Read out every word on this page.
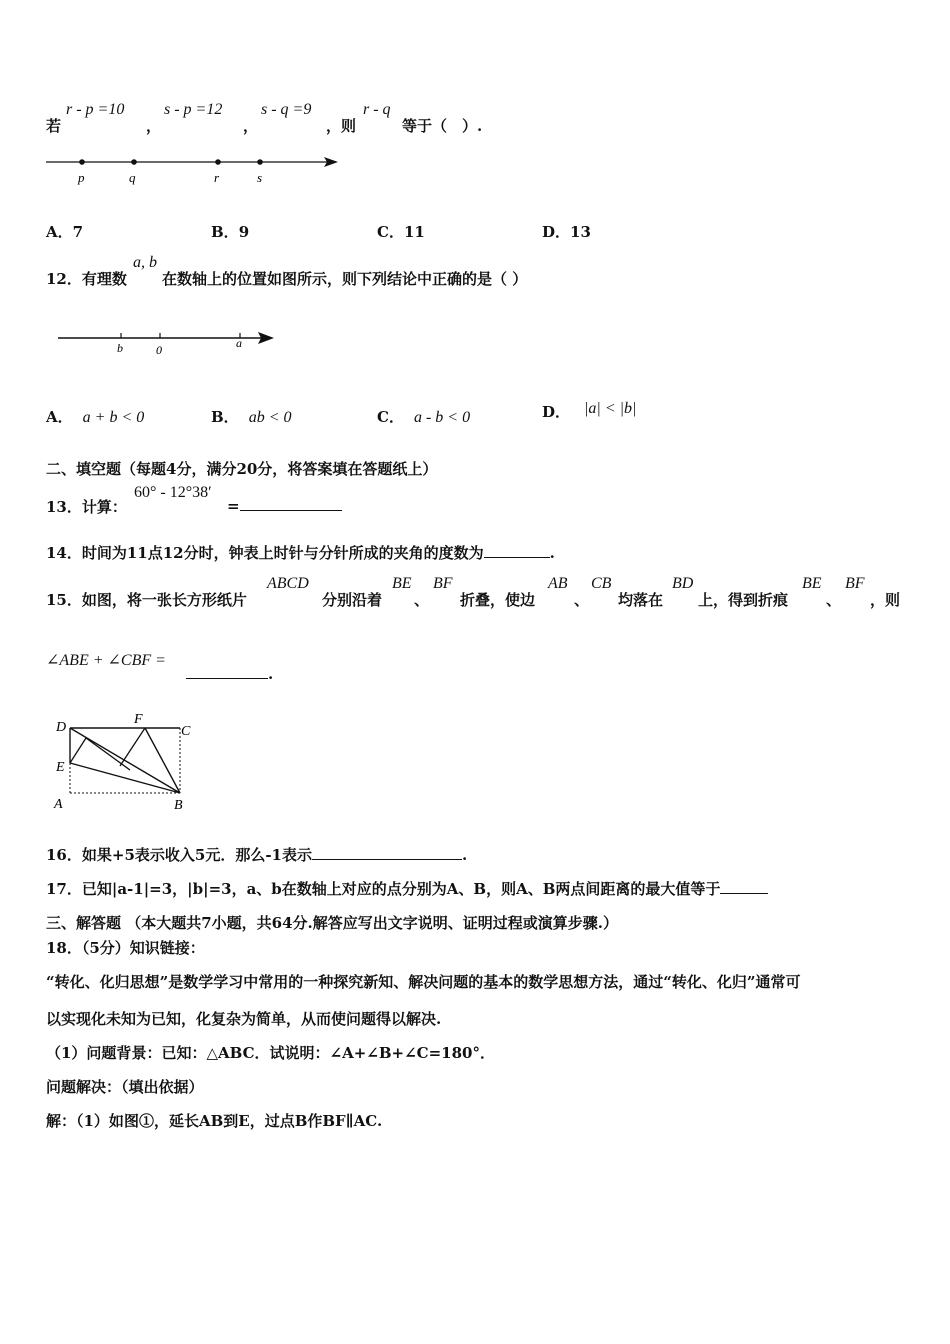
若
r - p =10
，
s - p =12
，
s - q =9
，则
r - q
等于（　）.
p	q	r	s
A．7	B．9	C．11	D．13
12．有理数
a, b
在数轴上的位置如图所示，则下列结论中正确的是（ ）
b	0	a
A． a + b < 0	B． ab < 0	C． a - b < 0	D． |a| < |b|
二、填空题（每题4分，满分20分，将答案填在答题纸上）
13．计算：
60° - 12°38′
=
14．时间为11点12分时，钟表上时针与分针所成的夹角的度数为	.
15．如图，将一张长方形纸片
ABCD
分别沿着
BE
、
BF
折叠，使边
AB
、
CB
均落在
BD
上，得到折痕
BE
、
BF
，则
∠ABE + ∠CBF =
.
D
F
C
E
A	B
16．如果+5表示收入5元．那么-1表示	.
17．已知|a-1|=3，|b|=3，a、b在数轴上对应的点分别为A、B，则A、B两点间距离的最大值等于
三、解答题 （本大题共7小题，共64分.解答应写出文字说明、证明过程或演算步骤.）
18．（5分）知识链接：
“转化、化归思想”是数学学习中常用的一种探究新知、解决问题的基本的数学思想方法，通过“转化、化归”通常可
以实现化未知为已知，化复杂为简单，从而使问题得以解决.
（1）问题背景：已知：△ABC．试说明：∠A+∠B+∠C=180°．
问题解决：（填出依据）
解：（1）如图①，延长AB到E，过点B作BF∥AC.
